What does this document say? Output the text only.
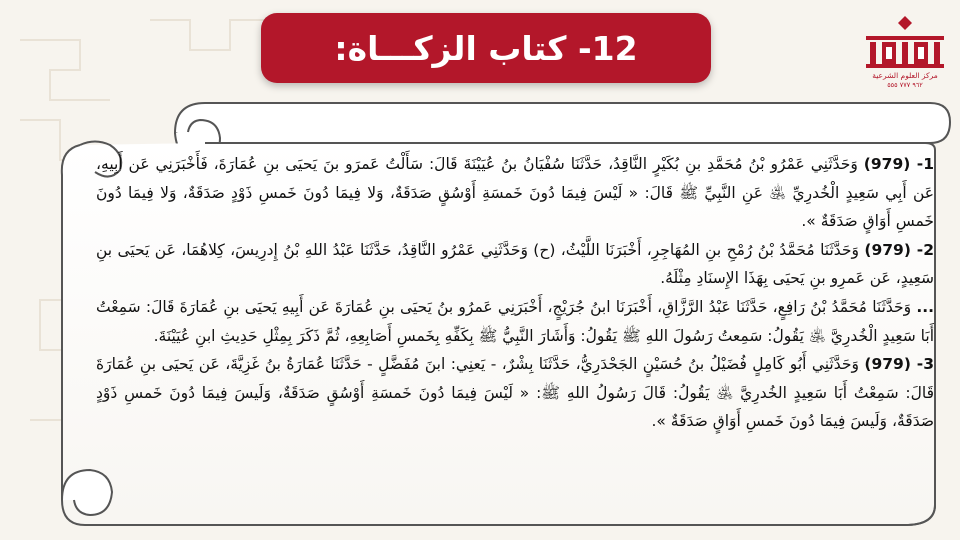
12- كتاب الزكـــاة:
مركز العلوم الشرعية
٩٦٢ ٧٧٧ ٥٥٥

1- (979) وَحَدَّثَنِي عَمْرُو بْنُ مُحَمَّدِ بنِ بُكَيْرٍ النَّاقِدُ، حَدَّثَنَا سُفْيَانُ بنُ عُيَيْنَةَ قَالَ: سَأَلْتُ عَمرَو بنَ يَحيَى بنِ عُمَارَةَ، فَأَخْبَرَنِي عَن أَبِيهِ، عَن أَبِي سَعِيدٍ الْخُدرِيِّ ﵁ عَنِ النَّبِيِّ ﷺ قَالَ: « لَيْسَ فِيمَا دُونَ خَمسَةِ أَوْسُقٍ صَدَقَةٌ، وَلا فِيمَا دُونَ خَمسِ ذَوْدٍ صَدَقَةٌ، وَلا فِيمَا دُونَ خَمسِ أَوَاقٍ صَدَقَةٌ ».

2- (979) وَحَدَّثَنَا مُحَمَّدُ بْنُ رُمْحِ بنِ المُهَاجِرِ، أَخْبَرَنَا اللَّيْثُ، (ح) وَحَدَّثَنِي عَمْرُو النَّاقِدُ، حَدَّثَنَا عَبْدُ اللهِ بْنُ إِدرِيسَ، كِلاهُمَا، عَن يَحيَى بنِ سَعِيدٍ، عَن عَمرِو بنِ يَحيَى بِهَذَا الإِسنَادِ مِثْلَهُ.

... وَحَدَّثَنَا مُحَمَّدُ بْنُ رَافِعٍ، حَدَّثَنَا عَبْدُ الرَّزَّاقِ، أَخْبَرَنَا ابنُ جُرَيْجٍ، أَخْبَرَنِي عَمرُو بنُ يَحيَى بنِ عُمَارَةَ عَن أَبِيهِ يَحيَى بنِ عُمَارَةَ قَالَ: سَمِعْتُ أَبَا سَعِيدٍ الْخُدرِيَّ ﵁ يَقُولُ: سَمِعتُ رَسُولَ اللهِ ﷺ يَقُولُ: وَأَشَارَ النَّبِيُّ ﷺ بِكَفِّهِ بِخَمسِ أَصَابِعِهِ، ثُمَّ ذَكَرَ بِمِثْلِ حَدِيثِ ابنِ عُيَيْنَةَ.

3- (979) وَحَدَّثَنِي أَبُو كَامِلٍ فُضَيْلُ بنُ حُسَيْنٍ الجَحْدَرِيُّ، حَدَّثَنَا بِشْرٌ، - يَعنِي: ابنَ مُفَضَّلٍ - حَدَّثَنَا عُمَارَةُ بنُ غَزِيَّةَ، عَن يَحيَى بنِ عُمَارَةَ قَالَ: سَمِعْتُ أَبَا سَعِيدٍ الخُدرِيَّ ﵁ يَقُولُ: قَالَ رَسُولُ اللهِ ﷺ: « لَيْسَ فِيمَا دُونَ خَمسَةِ أَوْسُقٍ صَدَقَةٌ، وَلَيسَ فِيمَا دُونَ خَمسِ ذَوْدٍ صَدَقَةٌ، وَلَيسَ فِيمَا دُونَ خَمسِ أَوَاقٍ صَدَقَةٌ ».
